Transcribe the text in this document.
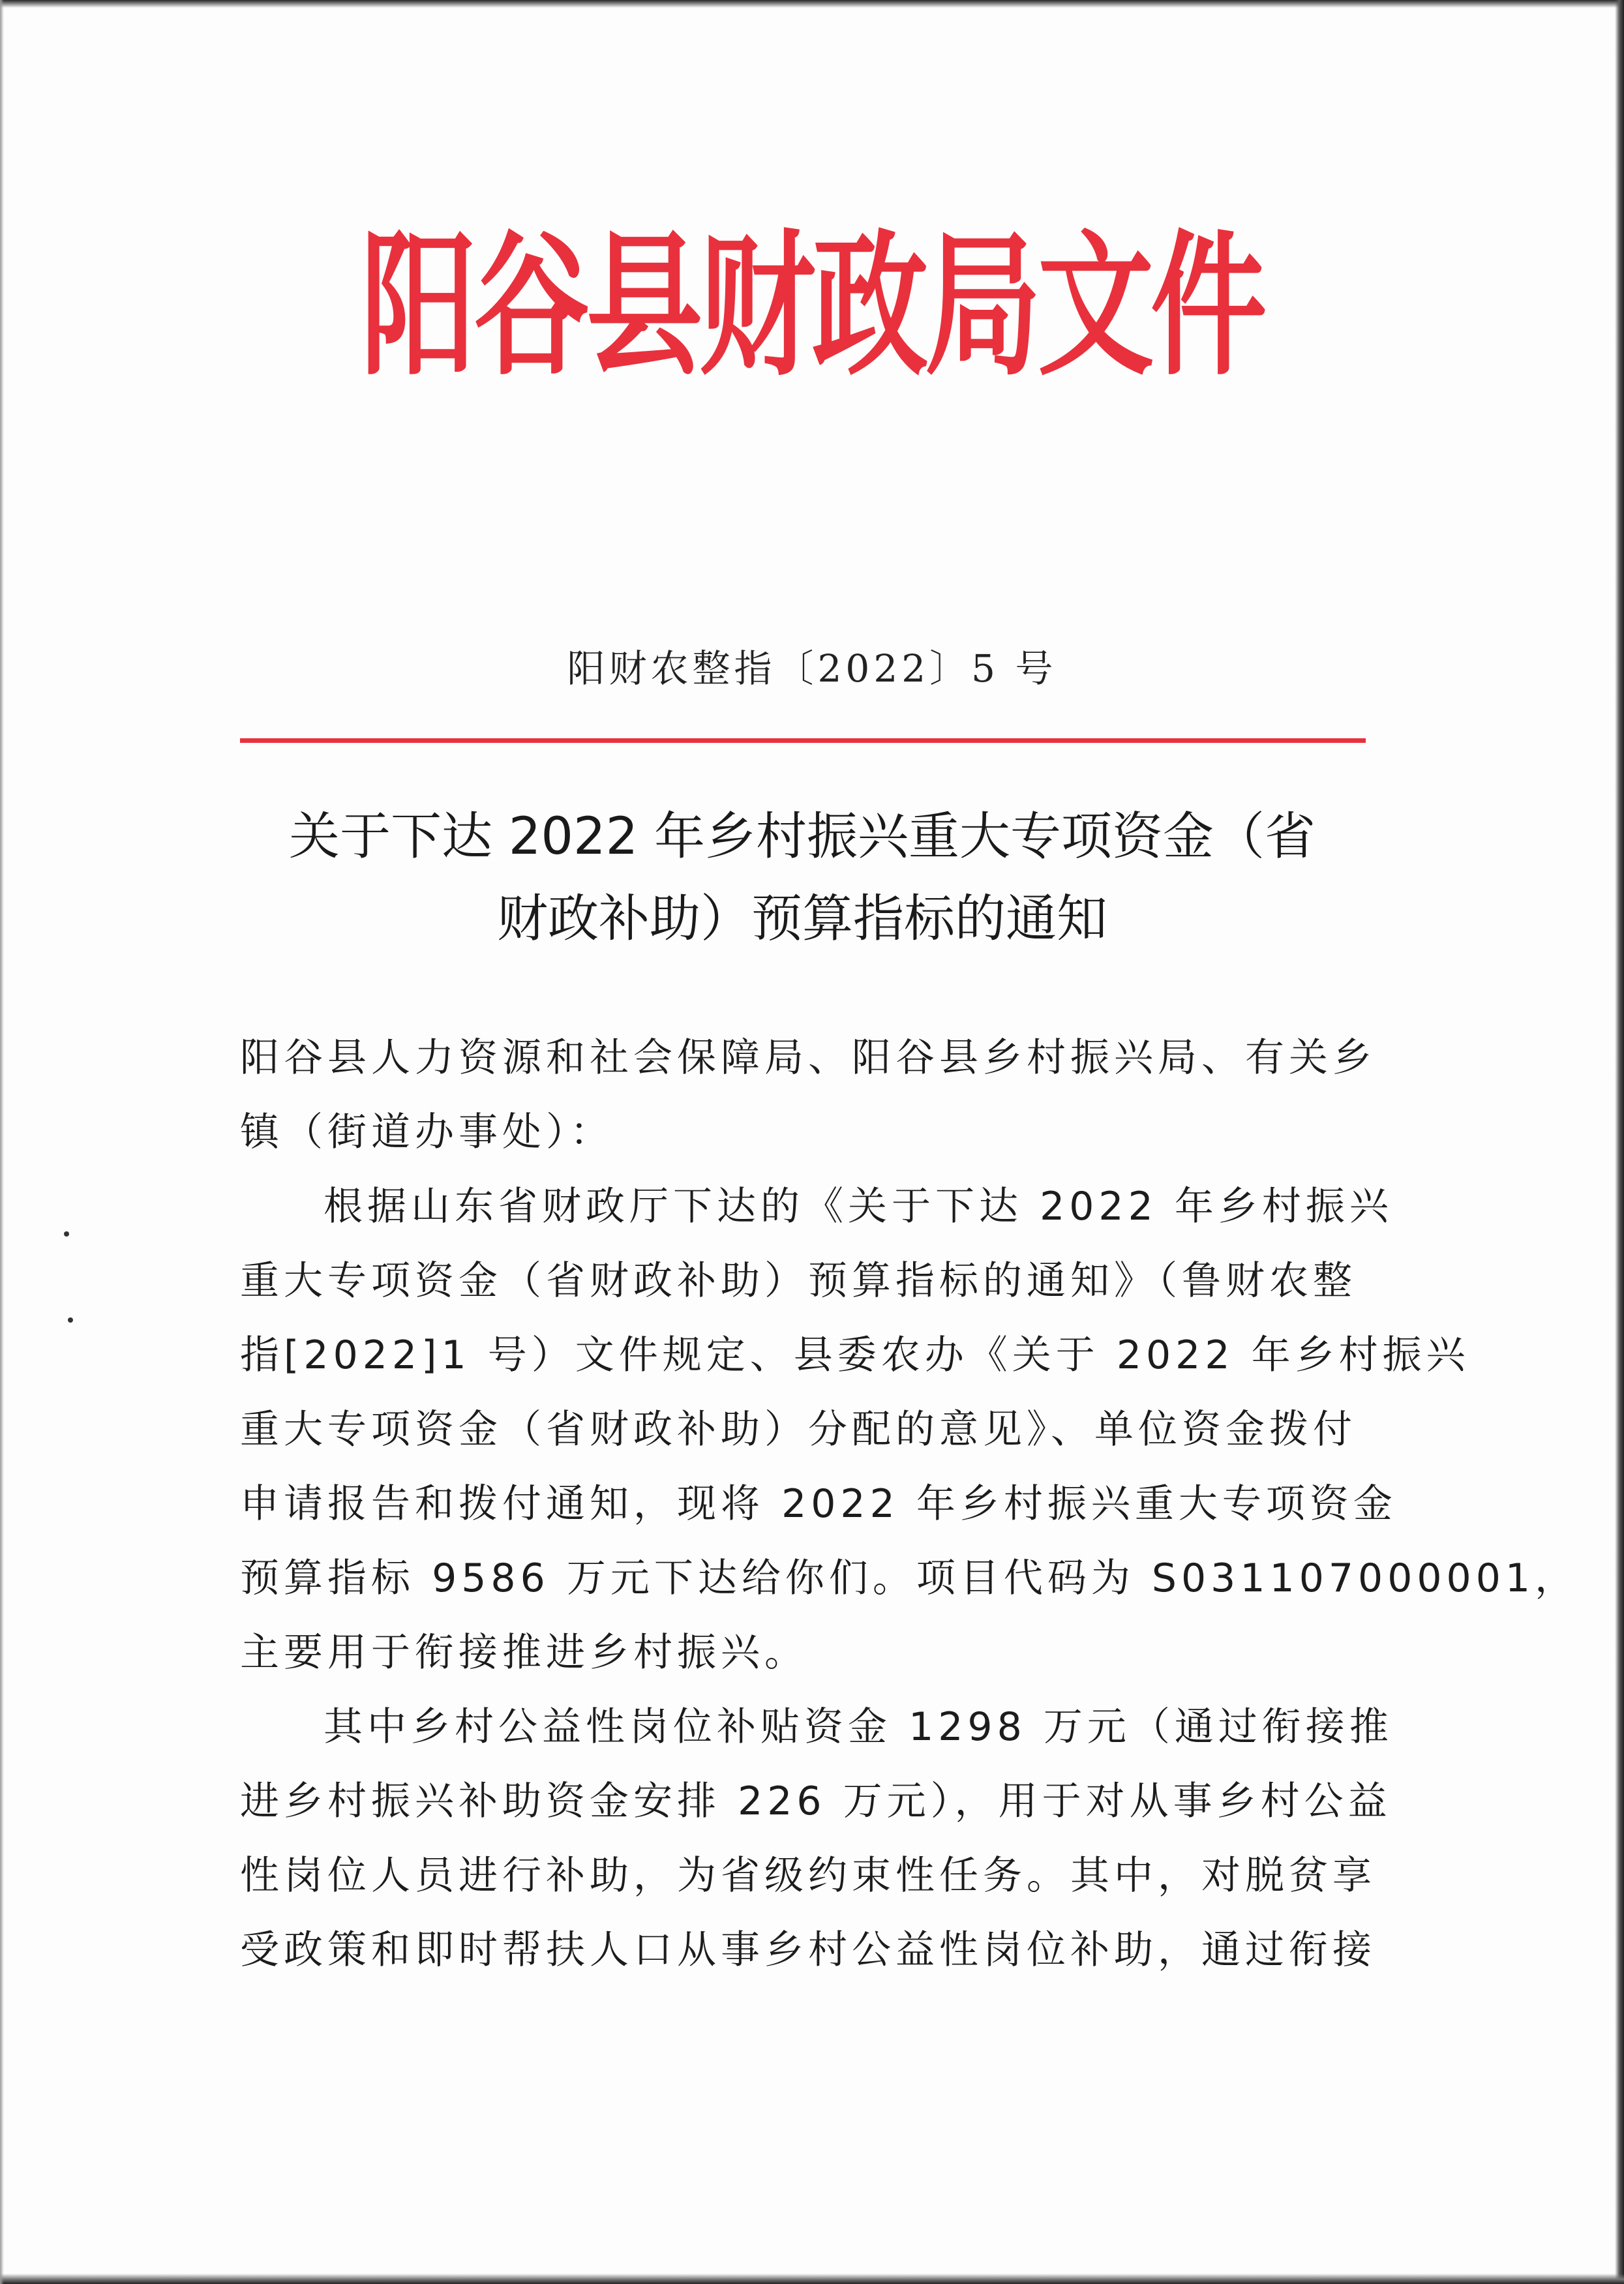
阳谷县财政局文件
阳财农整指〔2022〕5 号
关于下达 2022 年乡村振兴重大专项资金（省
财政补助）预算指标的通知
阳谷县人力资源和社会保障局、阳谷县乡村振兴局、有关乡
镇（街道办事处）：
根据山东省财政厅下达的《关于下达 2022 年乡村振兴
重大专项资金（省财政补助）预算指标的通知》（鲁财农整
指[2022]1 号）文件规定、县委农办《关于 2022 年乡村振兴
重大专项资金（省财政补助）分配的意见》、单位资金拨付
申请报告和拨付通知，现将 2022 年乡村振兴重大专项资金
预算指标 9586 万元下达给你们。项目代码为 S031107000001，
主要用于衔接推进乡村振兴。
其中乡村公益性岗位补贴资金 1298 万元（通过衔接推
进乡村振兴补助资金安排 226 万元），用于对从事乡村公益
性岗位人员进行补助，为省级约束性任务。其中，对脱贫享
受政策和即时帮扶人口从事乡村公益性岗位补助，通过衔接
